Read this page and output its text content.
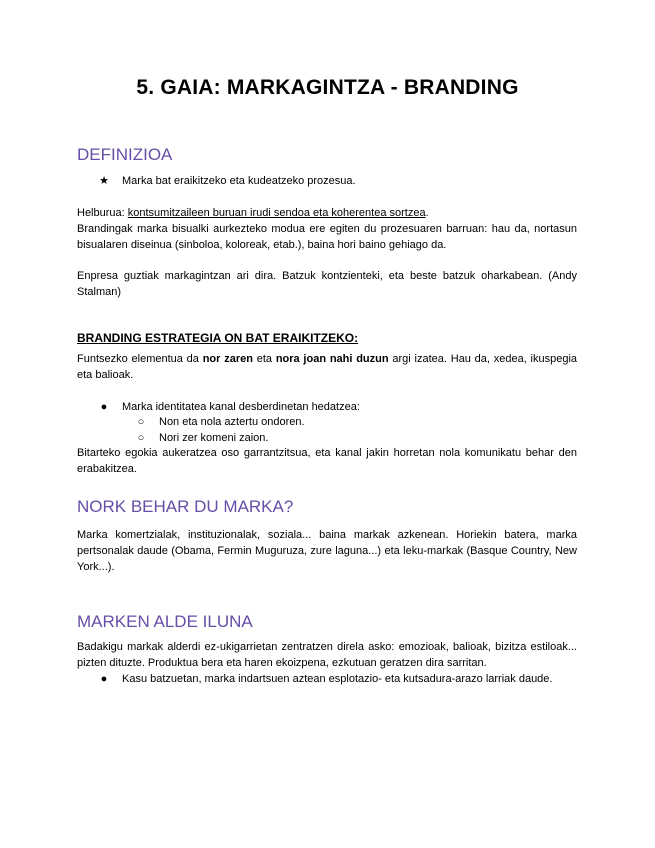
5. GAIA: MARKAGINTZA - BRANDING
DEFINIZIOA
★ Marka bat eraikitzeko eta kudeatzeko prozesua.

Helburua: kontsumitzaileen buruan irudi sendoa eta koherentea sortzea.

Brandingak marka bisualki aurkezteko modua ere egiten du prozesuaren barruan: hau da, nortasun bisualaren diseinua (sinboloa, koloreak, etab.), baina hori baino gehiago da.

Enpresa guztiak markagintzan ari dira. Batzuk kontzienteki, eta beste batzuk oharkabean. (Andy Stalman)

BRANDING ESTRATEGIA ON BAT ERAIKITZEKO:

Funtsezko elementua da nor zaren eta nora joan nahi duzun argi izatea. Hau da, xedea, ikuspegia eta balioak.

● Marka identitatea kanal desberdinetan hedatzea:
○ Non eta nola aztertu ondoren.
○ Nori zer komeni zaion.

Bitarteko egokia aukeratzea oso garrantzitsua, eta kanal jakin horretan nola komunikatu behar den erabakitzea.

NORK BEHAR DU MARKA?

Marka komertzialak, instituzionalak, soziala... baina markak azkenean. Horiekin batera, marka pertsonalak daude (Obama, Fermin Muguruza, zure laguna...) eta leku-markak (Basque Country, New York...).

MARKEN ALDE ILUNA

Badakigu markak alderdi ez-ukigarrietan zentratzen direla asko: emozioak, balioak, bizitza estiloak... pizten dituzte. Produktua bera eta haren ekoizpena, ezkutuan geratzen dira sarritan.

● Kasu batzuetan, marka indartsuen aztean esplotazio- eta kutsadura-arazo larriak daude.
